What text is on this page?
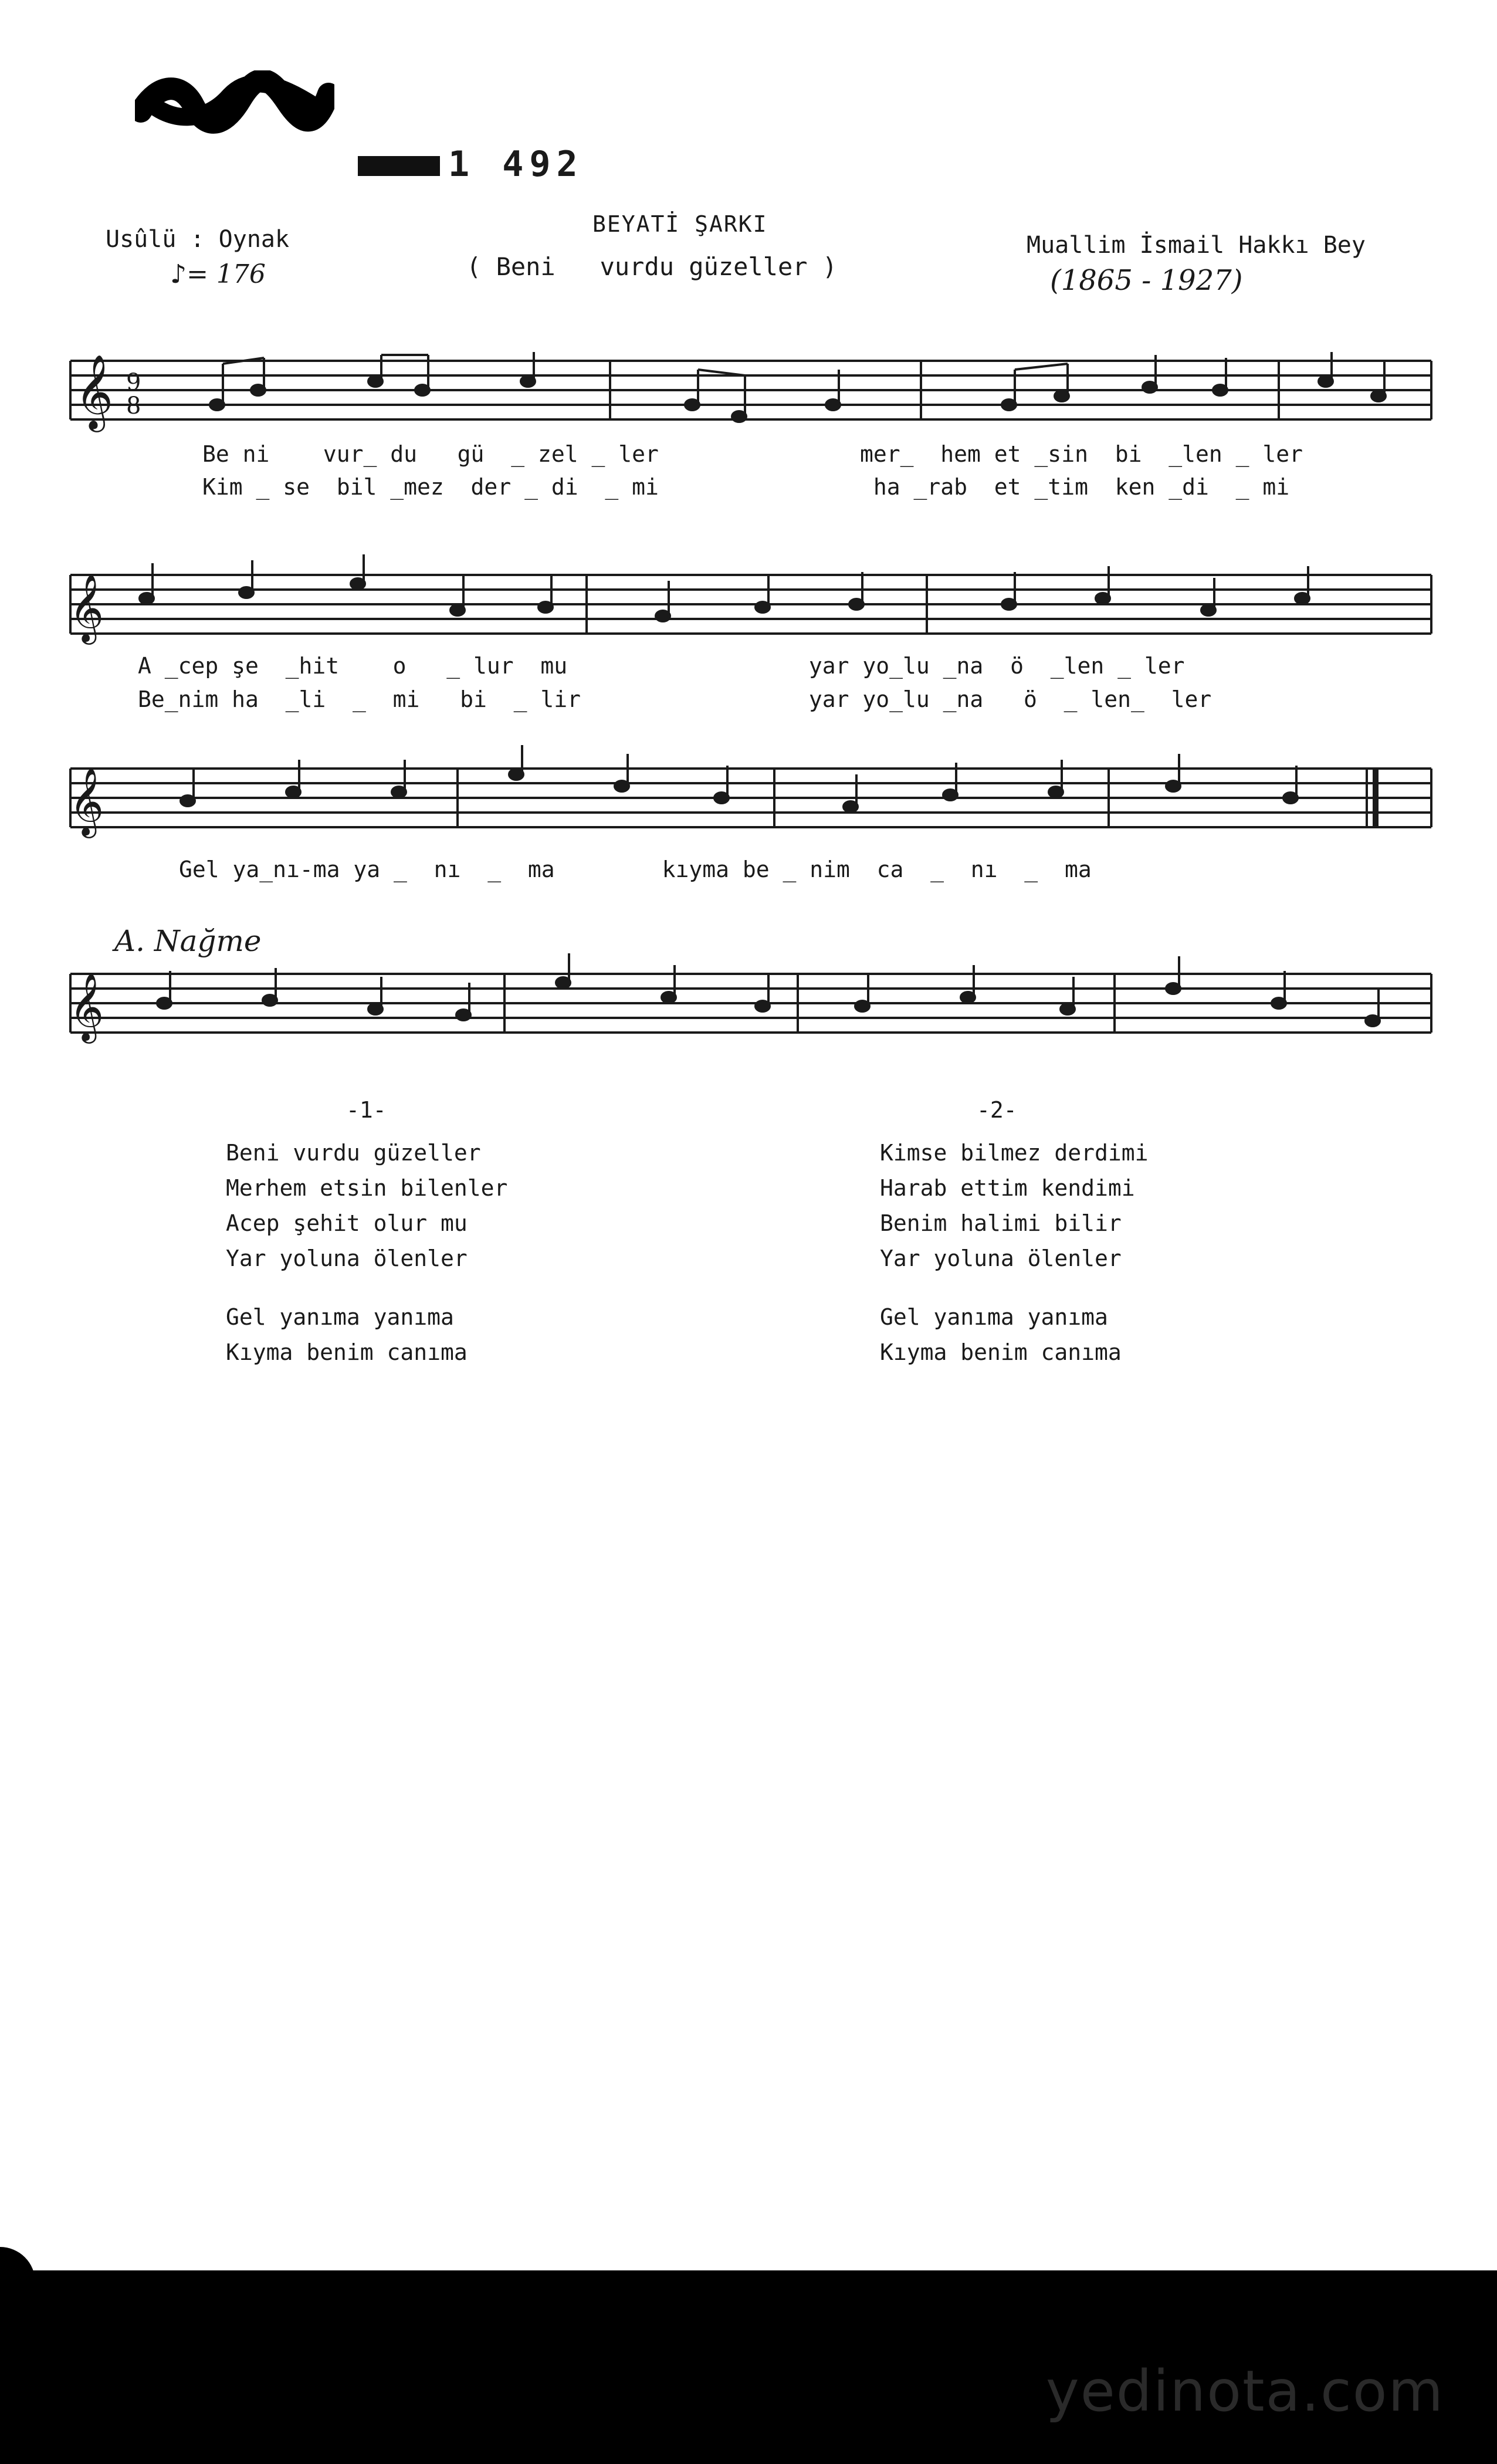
1 492
Usûlü : Oynak
♪= 176
BEYATİ ŞARKI
( Beni   vurdu güzeller )
Muallim İsmail Hakkı Bey
(1865 - 1927)
𝄞 9
8
Be ni    vur_ du   gü  _ zel _ ler               mer_  hem et _sin  bi  _len _ ler
Kim _ se  bil _mez  der _ di  _ mi                ha _rab  et _tim  ken _di  _ mi
𝄞
A _cep şe  _hit    o   _ lur  mu                  yar yo_lu _na  ö  _len _ ler
Be_nim ha  _li  _  mi   bi  _ lir                 yar yo_lu _na   ö  _ len_  ler
𝄞
Gel ya_nı-ma ya _  nı  _  ma        kıyma be _ nim  ca  _  nı  _  ma
A. Nağme
𝄞
-1-	-2-
Beni vurdu güzeller
Merhem etsin bilenler
Acep şehit olur mu
Yar yoluna ölenler
Gel yanıma yanıma
Kıyma benim canıma
Kimse bilmez derdimi
Harab ettim kendimi
Benim halimi bilir
Yar yoluna ölenler
Gel yanıma yanıma
Kıyma benim canıma
yedinota.com
